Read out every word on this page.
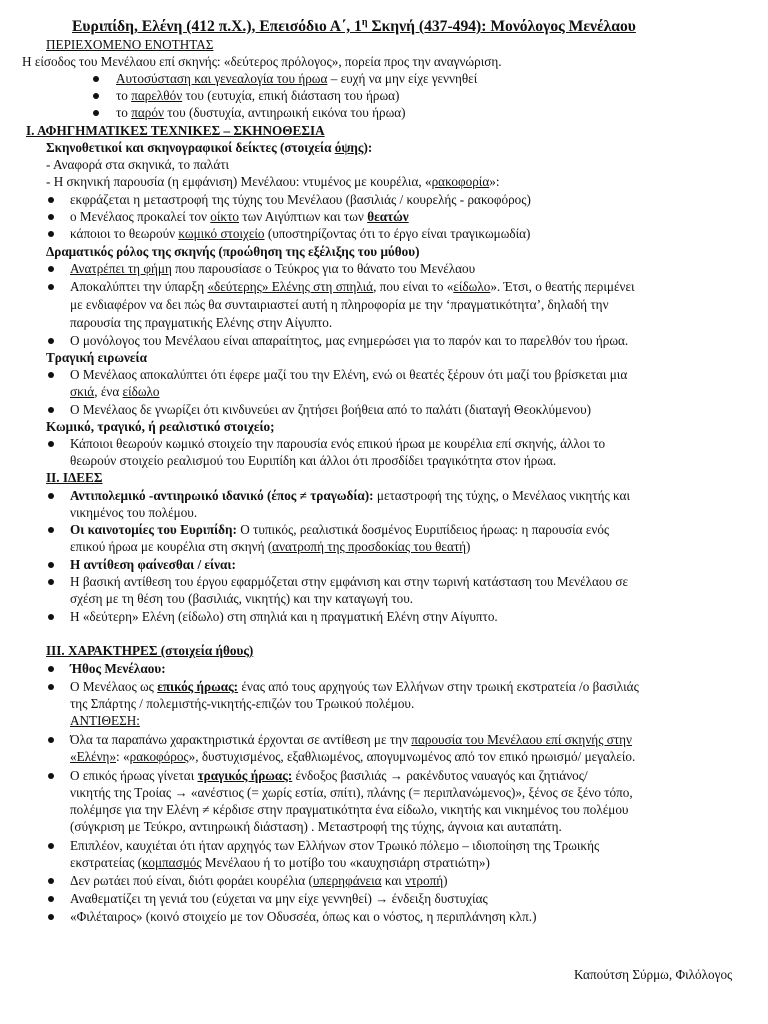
Ευριπίδη, Ελένη (412 π.Χ.), Επεισόδιο Α΄, $1^\eta$ Σκηνή (437-494): Μονόλογος Μενέλαου
ΠΕΡΙΕΧΟΜΕΝΟ ΕΝΟΤΗΤΑΣ
Η είσοδος του Μενέλαου επί σκηνής: «δεύτερος πρόλογος», πορεία προς την αναγνώριση.
Αυτοσύσταση και γενεαλογία του ήρωα – ευχή να μην είχε γεννηθεί
το παρελθόν του (ευτυχία, επική διάσταση του ήρωα)
το παρόν του (δυστυχία, αντιηρωική εικόνα του ήρωα)
Ι. ΑΦΗΓΗΜΑΤΙΚΕΣ ΤΕΧΝΙΚΕΣ – ΣΚΗΝΟΘΕΣΙΑ
Σκηνοθετικοί και σκηνογραφικοί δείκτες (στοιχεία όψης):
- Αναφορά στα σκηνικά, το παλάτι
- Η σκηνική παρουσία (η εμφάνιση) Μενέλαου: ντυμένος με κουρέλια, «ρακοφορία»:
εκφράζεται η μεταστροφή της τύχης του Μενέλαου (βασιλιάς / κουρελής - ρακοφόρος)
ο Μενέλαος προκαλεί τον οίκτο των Αιγύπτιων και των θεατών
κάποιοι το θεωρούν κωμικό στοιχείο (υποστηρίζοντας ότι το έργο είναι τραγικωμωδία)
Δραματικός ρόλος της σκηνής (προώθηση της εξέλιξης του μύθου)
Ανατρέπει τη φήμη που παρουσίασε ο Τεύκρος για το θάνατο του Μενέλαου
Αποκαλύπτει την ύπαρξη «δεύτερης» Ελένης στη σπηλιά, που είναι το «είδωλο». Έτσι, ο θεατής περιμένει
με ενδιαφέρον να δει πώς θα συνταιριαστεί αυτή η πληροφορία με την ‘πραγματικότητα’, δηλαδή την
παρουσία της πραγματικής Ελένης στην Αίγυπτο.
Ο μονόλογος του Μενέλαου είναι απαραίτητος, μας ενημερώσει για το παρόν και το παρελθόν του ήρωα.
Τραγική ειρωνεία
Ο Μενέλαος αποκαλύπτει ότι έφερε μαζί του την Ελένη, ενώ οι θεατές ξέρουν ότι μαζί του βρίσκεται μια
σκιά, ένα είδωλο
Ο Μενέλαος δε γνωρίζει ότι κινδυνεύει αν ζητήσει βοήθεια από το παλάτι (διαταγή Θεοκλύμενου)
Κωμικό, τραγικό, ή ρεαλιστικό στοιχείο;
Κάποιοι θεωρούν κωμικό στοιχείο την παρουσία ενός επικού ήρωα με κουρέλια επί σκηνής, άλλοι το
θεωρούν στοιχείο ρεαλισμού του Ευριπίδη και άλλοι ότι προσδίδει τραγικότητα στον ήρωα.
ΙΙ. ΙΔΕΕΣ
Αντιπολεμικό -αντιηρωικό ιδανικό (έπος ≠ τραγωδία): μεταστροφή της τύχης, ο Μενέλαος νικητής και
νικημένος του πολέμου.
Οι καινοτομίες του Ευριπίδη: Ο τυπικός, ρεαλιστικά δοσμένος Ευριπίδειος ήρωας: η παρουσία ενός
επικού ήρωα με κουρέλια στη σκηνή (ανατροπή της προσδοκίας του θεατή)
Η αντίθεση φαίνεσθαι / είναι:
Η βασική αντίθεση του έργου εφαρμόζεται στην εμφάνιση και στην τωρινή κατάσταση του Μενέλαου σε
σχέση με τη θέση του (βασιλιάς, νικητής) και την καταγωγή του.
Η «δεύτερη» Ελένη (είδωλο) στη σπηλιά και η πραγματική Ελένη στην Αίγυπτο.
ΙΙΙ. ΧΑΡΑΚΤΗΡΕΣ (στοιχεία ήθους)
Ήθος Μενέλαου:
Ο Μενέλαος ως επικός ήρωας: ένας από τους αρχηγούς των Ελλήνων στην τρωική εκστρατεία /ο βασιλιάς
της Σπάρτης / πολεμιστής-νικητής-επιζών του Τρωικού πολέμου.
ΑΝΤΙΘΕΣΗ:
Όλα τα παραπάνω χαρακτηριστικά έρχονται σε αντίθεση με την παρουσία του Μενέλαου επί σκηνής στην
«Ελένη»: «ρακοφόρος», δυστυχισμένος, εξαθλιωμένος, απογυμνωμένος από τον επικό ηρωισμό/ μεγαλείο.
Ο επικός ήρωας γίνεται τραγικός ήρωας: ένδοξος βασιλιάς → ρακένδυτος ναυαγός και ζητιάνος/
νικητής της Τροίας → «ανέστιος (= χωρίς εστία, σπίτι), πλάνης (= περιπλανώμενος)», ξένος σε ξένο τόπο,
πολέμησε για την Ελένη ≠ κέρδισε στην πραγματικότητα ένα είδωλο, νικητής και νικημένος του πολέμου
(σύγκριση με Τεύκρο, αντιηρωική διάσταση) . Μεταστροφή της τύχης, άγνοια και αυταπάτη.
Επιπλέον, καυχιέται ότι ήταν αρχηγός των Ελλήνων στον Τρωικό πόλεμο – ιδιοποίηση της Τρωικής
εκστρατείας (κομπασμός Μενέλαου ή το μοτίβο του «καυχησιάρη στρατιώτη»)
Δεν ρωτάει πού είναι, διότι φοράει κουρέλια (υπερηφάνεια και ντροπή)
Αναθεματίζει τη γενιά του (εύχεται να μην είχε γεννηθεί) → ένδειξη δυστυχίας
«Φιλέταιρος» (κοινό στοιχείο με τον Οδυσσέα, όπως και ο νόστος, η περιπλάνηση κλπ.)
Καπούτση Σύρμω, Φιλόλογος
